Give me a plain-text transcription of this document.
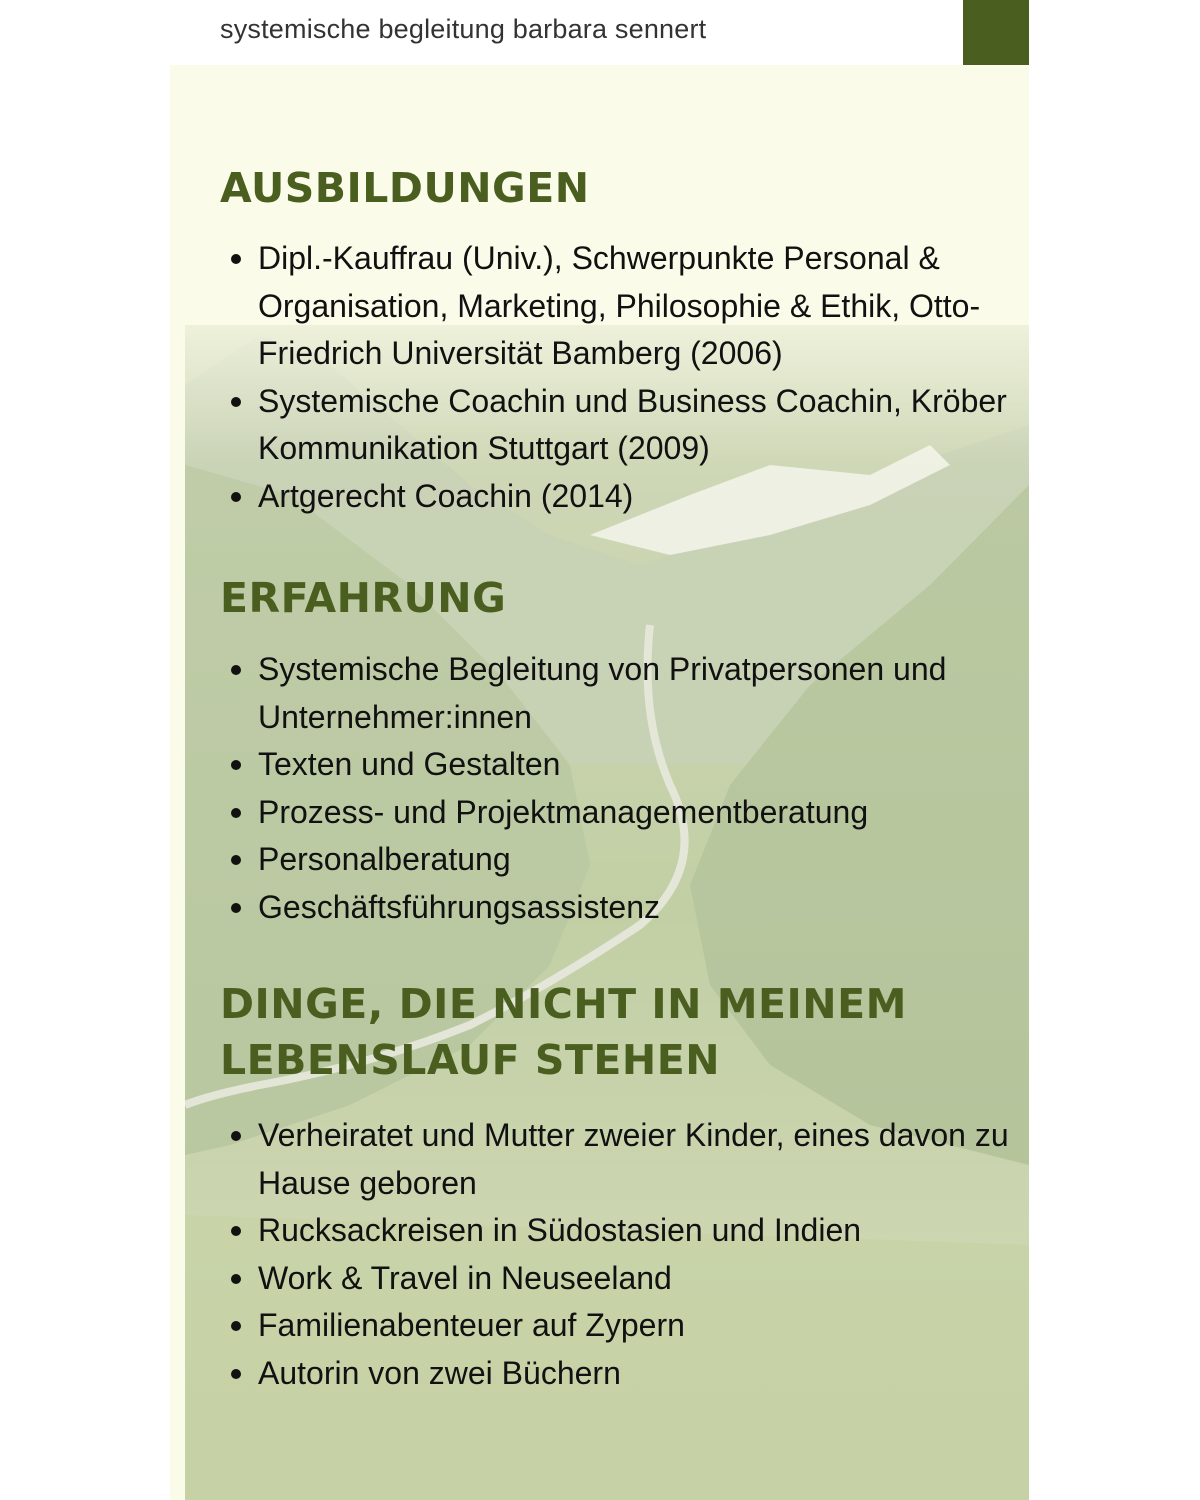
systemische begleitung barbara sennert
AUSBILDUNGEN
Dipl.-Kauffrau (Univ.), Schwerpunkte Personal & Organisation, Marketing, Philosophie & Ethik, Otto-Friedrich Universität Bamberg (2006)
Systemische Coachin und Business Coachin, Kröber Kommunikation Stuttgart (2009)
Artgerecht Coachin (2014)
ERFAHRUNG
Systemische Begleitung von Privatpersonen und Unternehmer:innen
Texten und Gestalten
Prozess- und Projektmanagementberatung
Personalberatung
Geschäftsführungsassistenz
DINGE, DIE NICHT IN MEINEM LEBENSLAUF STEHEN
Verheiratet und Mutter zweier Kinder, eines davon zu Hause geboren
Rucksackreisen in Südostasien und Indien
Work & Travel in Neuseeland
Familienabenteuer auf Zypern
Autorin von zwei Büchern
